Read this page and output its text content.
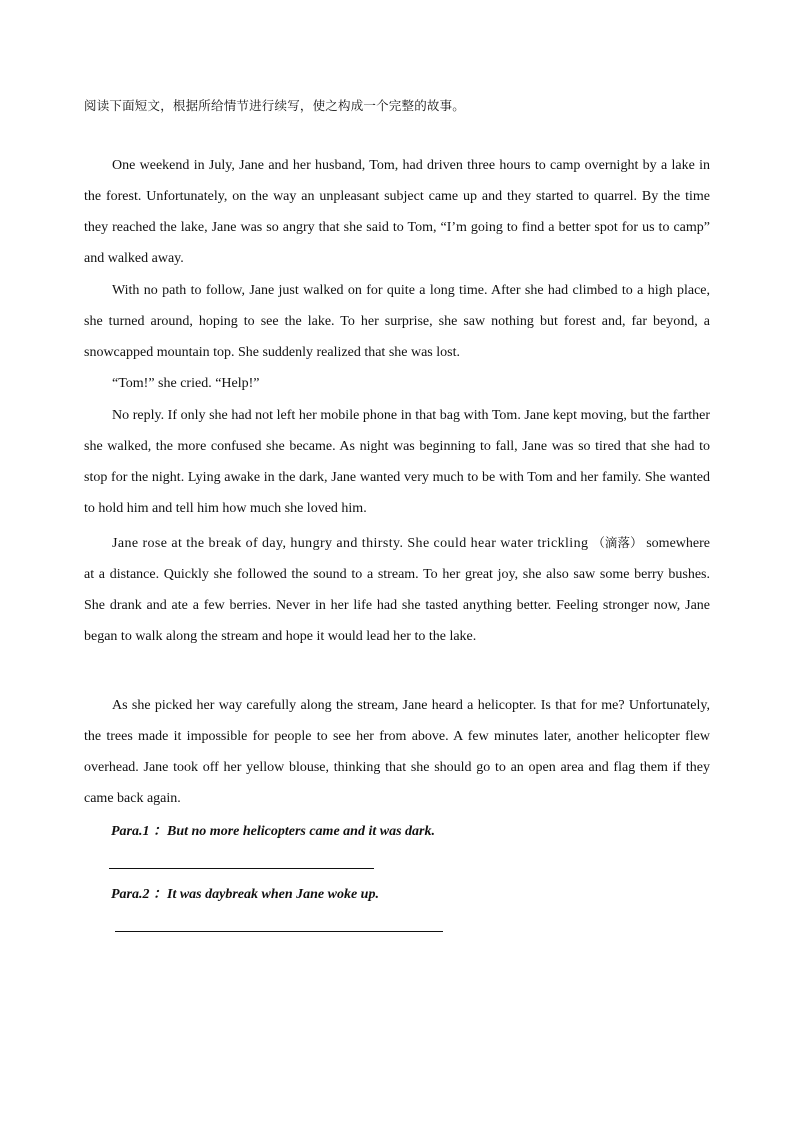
阅读下面短文，根据所给情节进行续写，使之构成一个完整的故事。

One weekend in July, Jane and her husband, Tom, had driven three hours to camp overnight by a lake in the forest. Unfortunately, on the way an unpleasant subject came up and they started to quarrel. By the time they reached the lake, Jane was so angry that she said to Tom, “I’m going to find a better spot for us to camp” and walked away.

With no path to follow, Jane just walked on for quite a long time. After she had climbed to a high place, she turned around, hoping to see the lake. To her surprise, she saw nothing but forest and, far beyond, a snowcapped mountain top. She suddenly realized that she was lost.

“Tom!” she cried. “Help!”

No reply. If only she had not left her mobile phone in that bag with Tom. Jane kept moving, but the farther she walked, the more confused she became. As night was beginning to fall, Jane was so tired that she had to stop for the night. Lying awake in the dark, Jane wanted very much to be with Tom and her family. She wanted to hold him and tell him how much she loved him.

Jane rose at the break of day, hungry and thirsty. She could hear water trickling （滴落） somewhere at a distance. Quickly she followed the sound to a stream. To her great joy, she also saw some berry bushes. She drank and ate a few berries. Never in her life had she tasted anything better. Feeling stronger now, Jane began to walk along the stream and hope it would lead her to the lake.

As she picked her way carefully along the stream, Jane heard a helicopter. Is that for me? Unfortunately, the trees made it impossible for people to see her from above. A few minutes later, another helicopter flew overhead. Jane took off her yellow blouse, thinking that she should go to an open area and flag them if they came back again.

Para.1 ：But no more helicopters came and it was dark.
Para.2 ：It was daybreak when Jane woke up.
